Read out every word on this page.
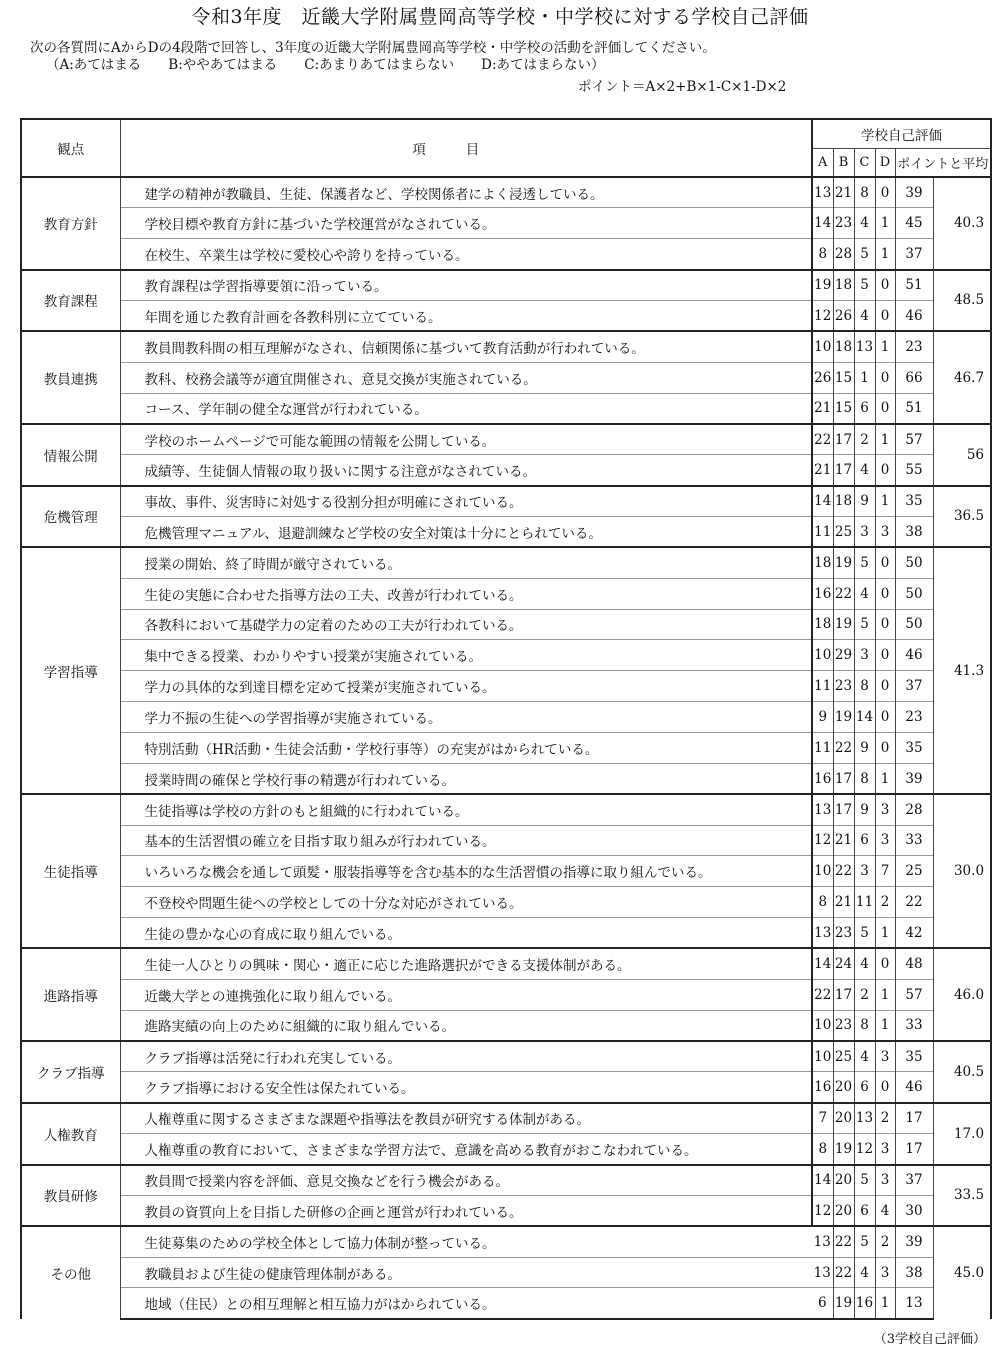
令和3年度　近畿大学附属豊岡高等学校・中学校に対する学校自己評価
次の各質問にAからDの4段階で回答し、3年度の近畿大学附属豊岡高等学校・中学校の活動を評価してください。
（A:あてはまる　　B:ややあてはまる　　C:あまりあてはまらない　　D:あてはまらない）
ポイント＝A×2+B×1-C×1-D×2
観点	項目	学校自己評価					
		A	B	C	D	ポイントと平均	
教育方針	建学の精神が教職員、生徒、保護者など、学校関係者によく浸透している。	13	21	8	0	39	40.3
	学校目標や教育方針に基づいた学校運営がなされている。	14	23	4	1	45	
	在校生、卒業生は学校に愛校心や誇りを持っている。	8	28	5	1	37	
教育課程	教育課程は学習指導要領に沿っている。	19	18	5	0	51	48.5
	年間を通じた教育計画を各教科別に立てている。	12	26	4	0	46	
教員連携	教員間教科間の相互理解がなされ、信頼関係に基づいて教育活動が行われている。	10	18	13	1	23	46.7
	教科、校務会議等が適宜開催され、意見交換が実施されている。	26	15	1	0	66	
	コース、学年制の健全な運営が行われている。	21	15	6	0	51	
情報公開	学校のホームページで可能な範囲の情報を公開している。	22	17	2	1	57	56
	成績等、生徒個人情報の取り扱いに関する注意がなされている。	21	17	4	0	55	
危機管理	事故、事件、災害時に対処する役割分担が明確にされている。	14	18	9	1	35	36.5
	危機管理マニュアル、退避訓練など学校の安全対策は十分にとられている。	11	25	3	3	38	
学習指導	授業の開始、終了時間が厳守されている。	18	19	5	0	50	41.3
	生徒の実態に合わせた指導方法の工夫、改善が行われている。	16	22	4	0	50	
	各教科において基礎学力の定着のための工夫が行われている。	18	19	5	0	50	
	集中できる授業、わかりやすい授業が実施されている。	10	29	3	0	46	
	学力の具体的な到達目標を定めて授業が実施されている。	11	23	8	0	37	
	学力不振の生徒への学習指導が実施されている。	9	19	14	0	23	
	特別活動（HR活動・生徒会活動・学校行事等）の充実がはかられている。	11	22	9	0	35	
	授業時間の確保と学校行事の精選が行われている。	16	17	8	1	39	
生徒指導	生徒指導は学校の方針のもと組織的に行われている。	13	17	9	3	28	30.0
	基本的生活習慣の確立を目指す取り組みが行われている。	12	21	6	3	33	
	いろいろな機会を通して頭髪・服装指導等を含む基本的な生活習慣の指導に取り組んでいる。	10	22	3	7	25	
	不登校や問題生徒への学校としての十分な対応がされている。	8	21	11	2	22	
	生徒の豊かな心の育成に取り組んでいる。	13	23	5	1	42	
進路指導	生徒一人ひとりの興味・関心・適正に応じた進路選択ができる支援体制がある。	14	24	4	0	48	46.0
	近畿大学との連携強化に取り組んでいる。	22	17	2	1	57	
	進路実績の向上のために組織的に取り組んでいる。	10	23	8	1	33	
クラブ指導	クラブ指導は活発に行われ充実している。	10	25	4	3	35	40.5
	クラブ指導における安全性は保たれている。	16	20	6	0	46	
人権教育	人権尊重に関するさまざまな課題や指導法を教員が研究する体制がある。	7	20	13	2	17	17.0
	人権尊重の教育において、さまざまな学習方法で、意識を高める教育がおこなわれている。	8	19	12	3	17	
教員研修	教員間で授業内容を評価、意見交換などを行う機会がある。	14	20	5	3	37	33.5
	教員の資質向上を目指した研修の企画と運営が行われている。	12	20	6	4	30	
その他	生徒募集のための学校全体として協力体制が整っている。	13	22	5	2	39	45.0
	教職員および生徒の健康管理体制がある。	13	22	4	3	38	
	地域（住民）との相互理解と相互協力がはかられている。	6	19	16	1	13	
（3学校自己評価）
